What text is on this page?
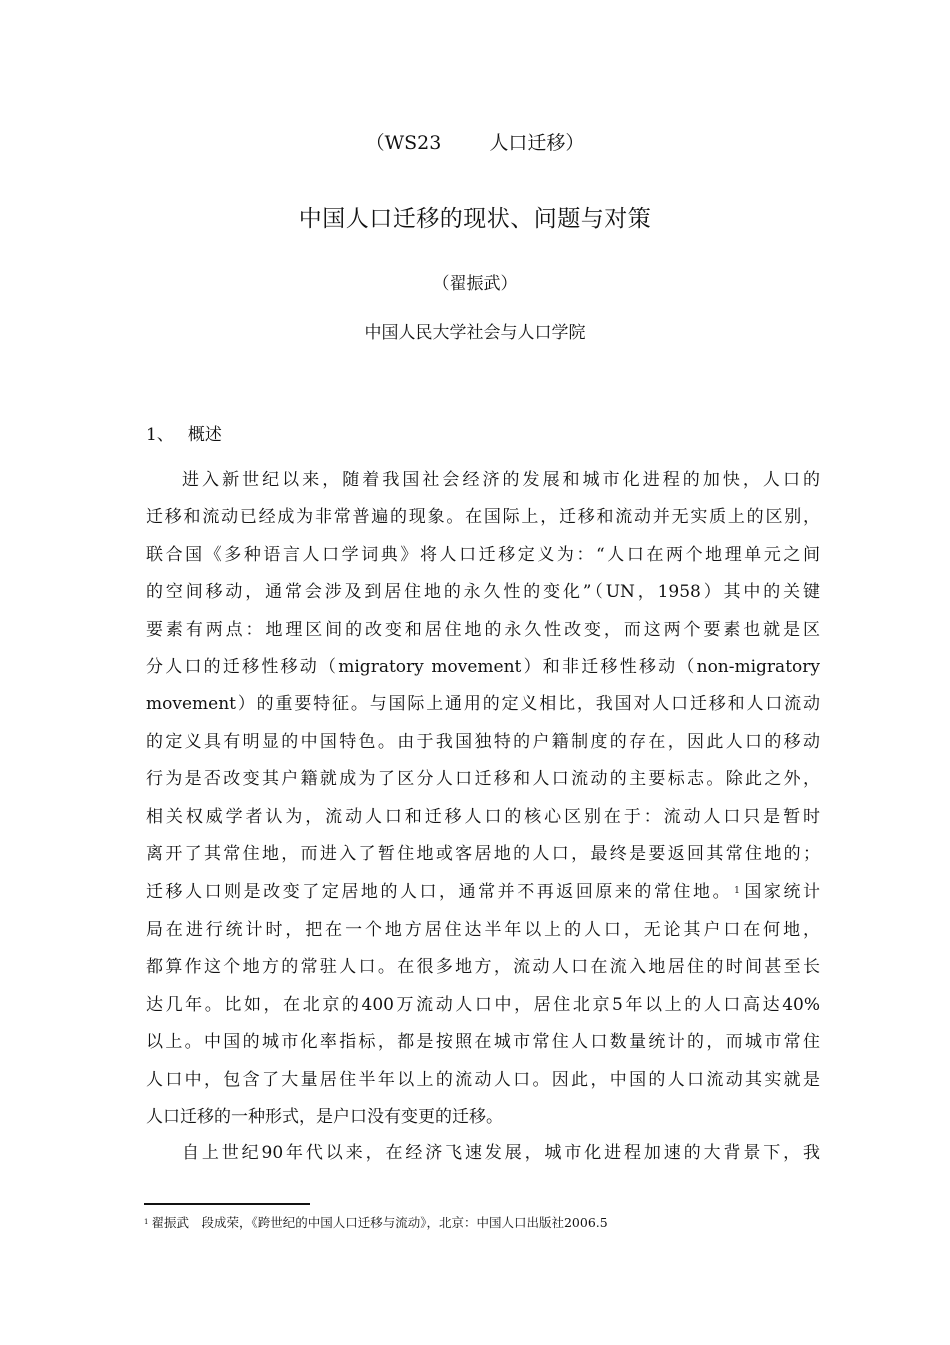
（WS23	人口迁移）
中国人口迁移的现状、问题与对策
（翟振武）
中国人民大学社会与人口学院
1、 概述
进入新世纪以来，随着我国社会经济的发展和城市化进程的加快，人口的
迁移和流动已经成为非常普遍的现象。在国际上，迁移和流动并无实质上的区别，
联合国《多种语言人口学词典》将人口迁移定义为：“人口在两个地理单元之间
的空间移动，通常会涉及到居住地的永久性的变化”（UN，1958）其中的关键
要素有两点：地理区间的改变和居住地的永久性改变，而这两个要素也就是区
分人口的迁移性移动（migratory movement）和非迁移性移动（non-migratory
movement）的重要特征。与国际上通用的定义相比，我国对人口迁移和人口流动
的定义具有明显的中国特色。由于我国独特的户籍制度的存在，因此人口的移动
行为是否改变其户籍就成为了区分人口迁移和人口流动的主要标志。除此之外，
相关权威学者认为，流动人口和迁移人口的核心区别在于：流动人口只是暂时
离开了其常住地，而进入了暂住地或客居地的人口，最终是要返回其常住地的；
迁移人口则是改变了定居地的人口，通常并不再返回原来的常住地。 $^1$ 国家统计
局在进行统计时，把在一个地方居住达半年以上的人口，无论其户口在何地，
都算作这个地方的常驻人口。在很多地方，流动人口在流入地居住的时间甚至长
达几年。比如，在北京的400万流动人口中，居住北京5年以上的人口高达40%
以上。中国的城市化率指标，都是按照在城市常住人口数量统计的，而城市常住
人口中，包含了大量居住半年以上的流动人口。因此，中国的人口流动其实就是
人口迁移的一种形式，是户口没有变更的迁移。
自上世纪90年代以来，在经济飞速发展，城市化进程加速的大背景下，我
$^1$ 翟振武　段成荣，《跨世纪的中国人口迁移与流动》，北京：中国人口出版社2006.5
